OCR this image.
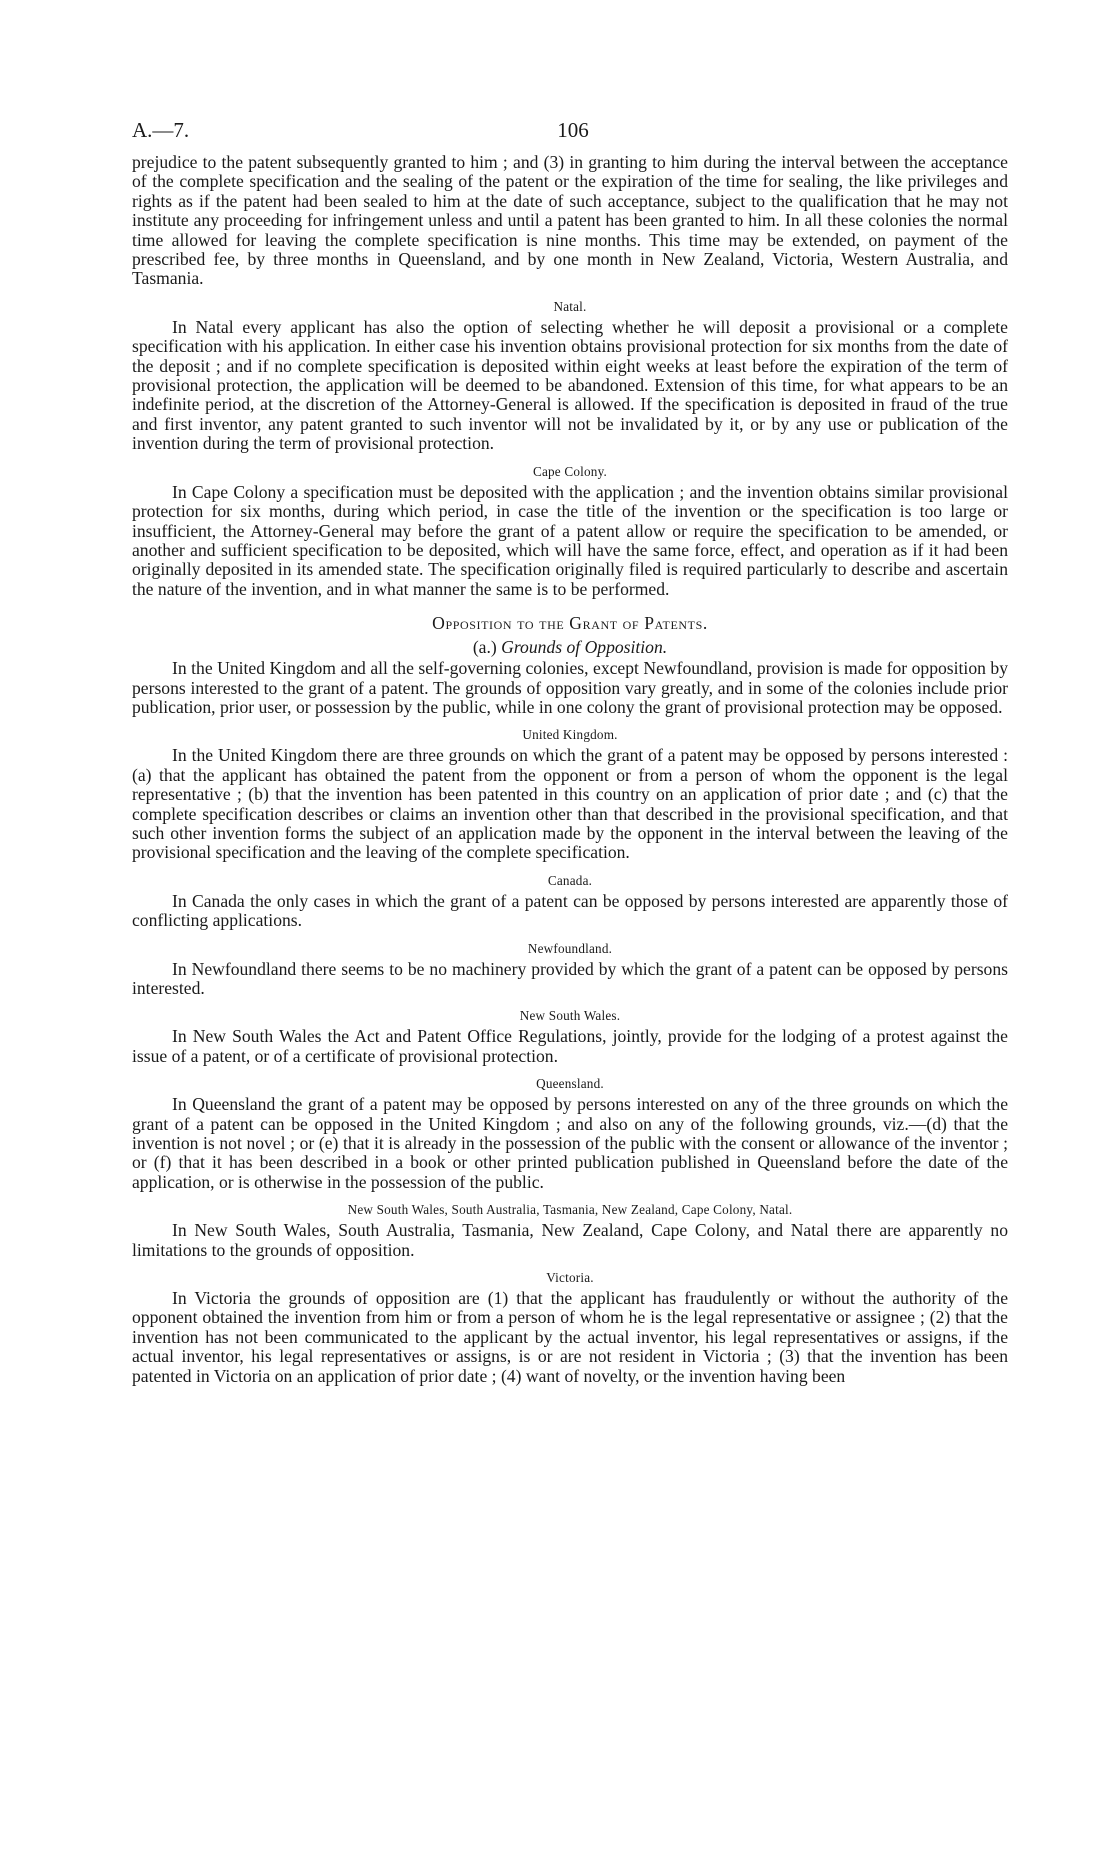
A.—7.	106

prejudice to the patent subsequently granted to him ; and (3) in granting to him during the interval between the acceptance of the complete specification and the sealing of the patent or the expiration of the time for sealing, the like privileges and rights as if the patent had been sealed to him at the date of such acceptance, subject to the qualification that he may not institute any proceeding for infringement unless and until a patent has been granted to him. In all these colonies the normal time allowed for leaving the complete specification is nine months. This time may be extended, on payment of the prescribed fee, by three months in Queensland, and by one month in New Zealand, Victoria, Western Australia, and Tasmania.

Natal.

In Natal every applicant has also the option of selecting whether he will deposit a provisional or a complete specification with his application. In either case his invention obtains provisional protection for six months from the date of the deposit ; and if no complete specification is deposited within eight weeks at least before the expiration of the term of provisional protection, the application will be deemed to be abandoned. Extension of this time, for what appears to be an indefinite period, at the discretion of the Attorney-General is allowed. If the specification is deposited in fraud of the true and first inventor, any patent granted to such inventor will not be invalidated by it, or by any use or publication of the invention during the term of provisional protection.

Cape Colony.

In Cape Colony a specification must be deposited with the application ; and the invention obtains similar provisional protection for six months, during which period, in case the title of the invention or the specification is too large or insufficient, the Attorney-General may before the grant of a patent allow or require the specification to be amended, or another and sufficient specification to be deposited, which will have the same force, effect, and operation as if it had been originally deposited in its amended state. The specification originally filed is required particularly to describe and ascertain the nature of the invention, and in what manner the same is to be performed.

Opposition to the Grant of Patents.
(a.) Grounds of Opposition.

In the United Kingdom and all the self-governing colonies, except Newfoundland, provision is made for opposition by persons interested to the grant of a patent. The grounds of opposition vary greatly, and in some of the colonies include prior publication, prior user, or possession by the public, while in one colony the grant of provisional protection may be opposed.

United Kingdom.

In the United Kingdom there are three grounds on which the grant of a patent may be opposed by persons interested : (a) that the applicant has obtained the patent from the opponent or from a person of whom the opponent is the legal representative ; (b) that the invention has been patented in this country on an application of prior date ; and (c) that the complete specification describes or claims an invention other than that described in the provisional specification, and that such other invention forms the subject of an application made by the opponent in the interval between the leaving of the provisional specification and the leaving of the complete specification.

Canada.

In Canada the only cases in which the grant of a patent can be opposed by persons interested are apparently those of conflicting applications.

Newfoundland.

In Newfoundland there seems to be no machinery provided by which the grant of a patent can be opposed by persons interested.

New South Wales.

In New South Wales the Act and Patent Office Regulations, jointly, provide for the lodging of a protest against the issue of a patent, or of a certificate of provisional protection.

Queensland.

In Queensland the grant of a patent may be opposed by persons interested on any of the three grounds on which the grant of a patent can be opposed in the United Kingdom ; and also on any of the following grounds, viz.—(d) that the invention is not novel ; or (e) that it is already in the possession of the public with the consent or allowance of the inventor ; or (f) that it has been described in a book or other printed publication published in Queensland before the date of the application, or is otherwise in the possession of the public.

New South Wales, South Australia, Tasmania, New Zealand, Cape Colony, Natal.

In New South Wales, South Australia, Tasmania, New Zealand, Cape Colony, and Natal there are apparently no limitations to the grounds of opposition.

Victoria.

In Victoria the grounds of opposition are (1) that the applicant has fraudulently or without the authority of the opponent obtained the invention from him or from a person of whom he is the legal representative or assignee ; (2) that the invention has not been communicated to the applicant by the actual inventor, his legal representatives or assigns, if the actual inventor, his legal representatives or assigns, is or are not resident in Victoria ; (3) that the invention has been patented in Victoria on an application of prior date ; (4) want of novelty, or the invention having been
